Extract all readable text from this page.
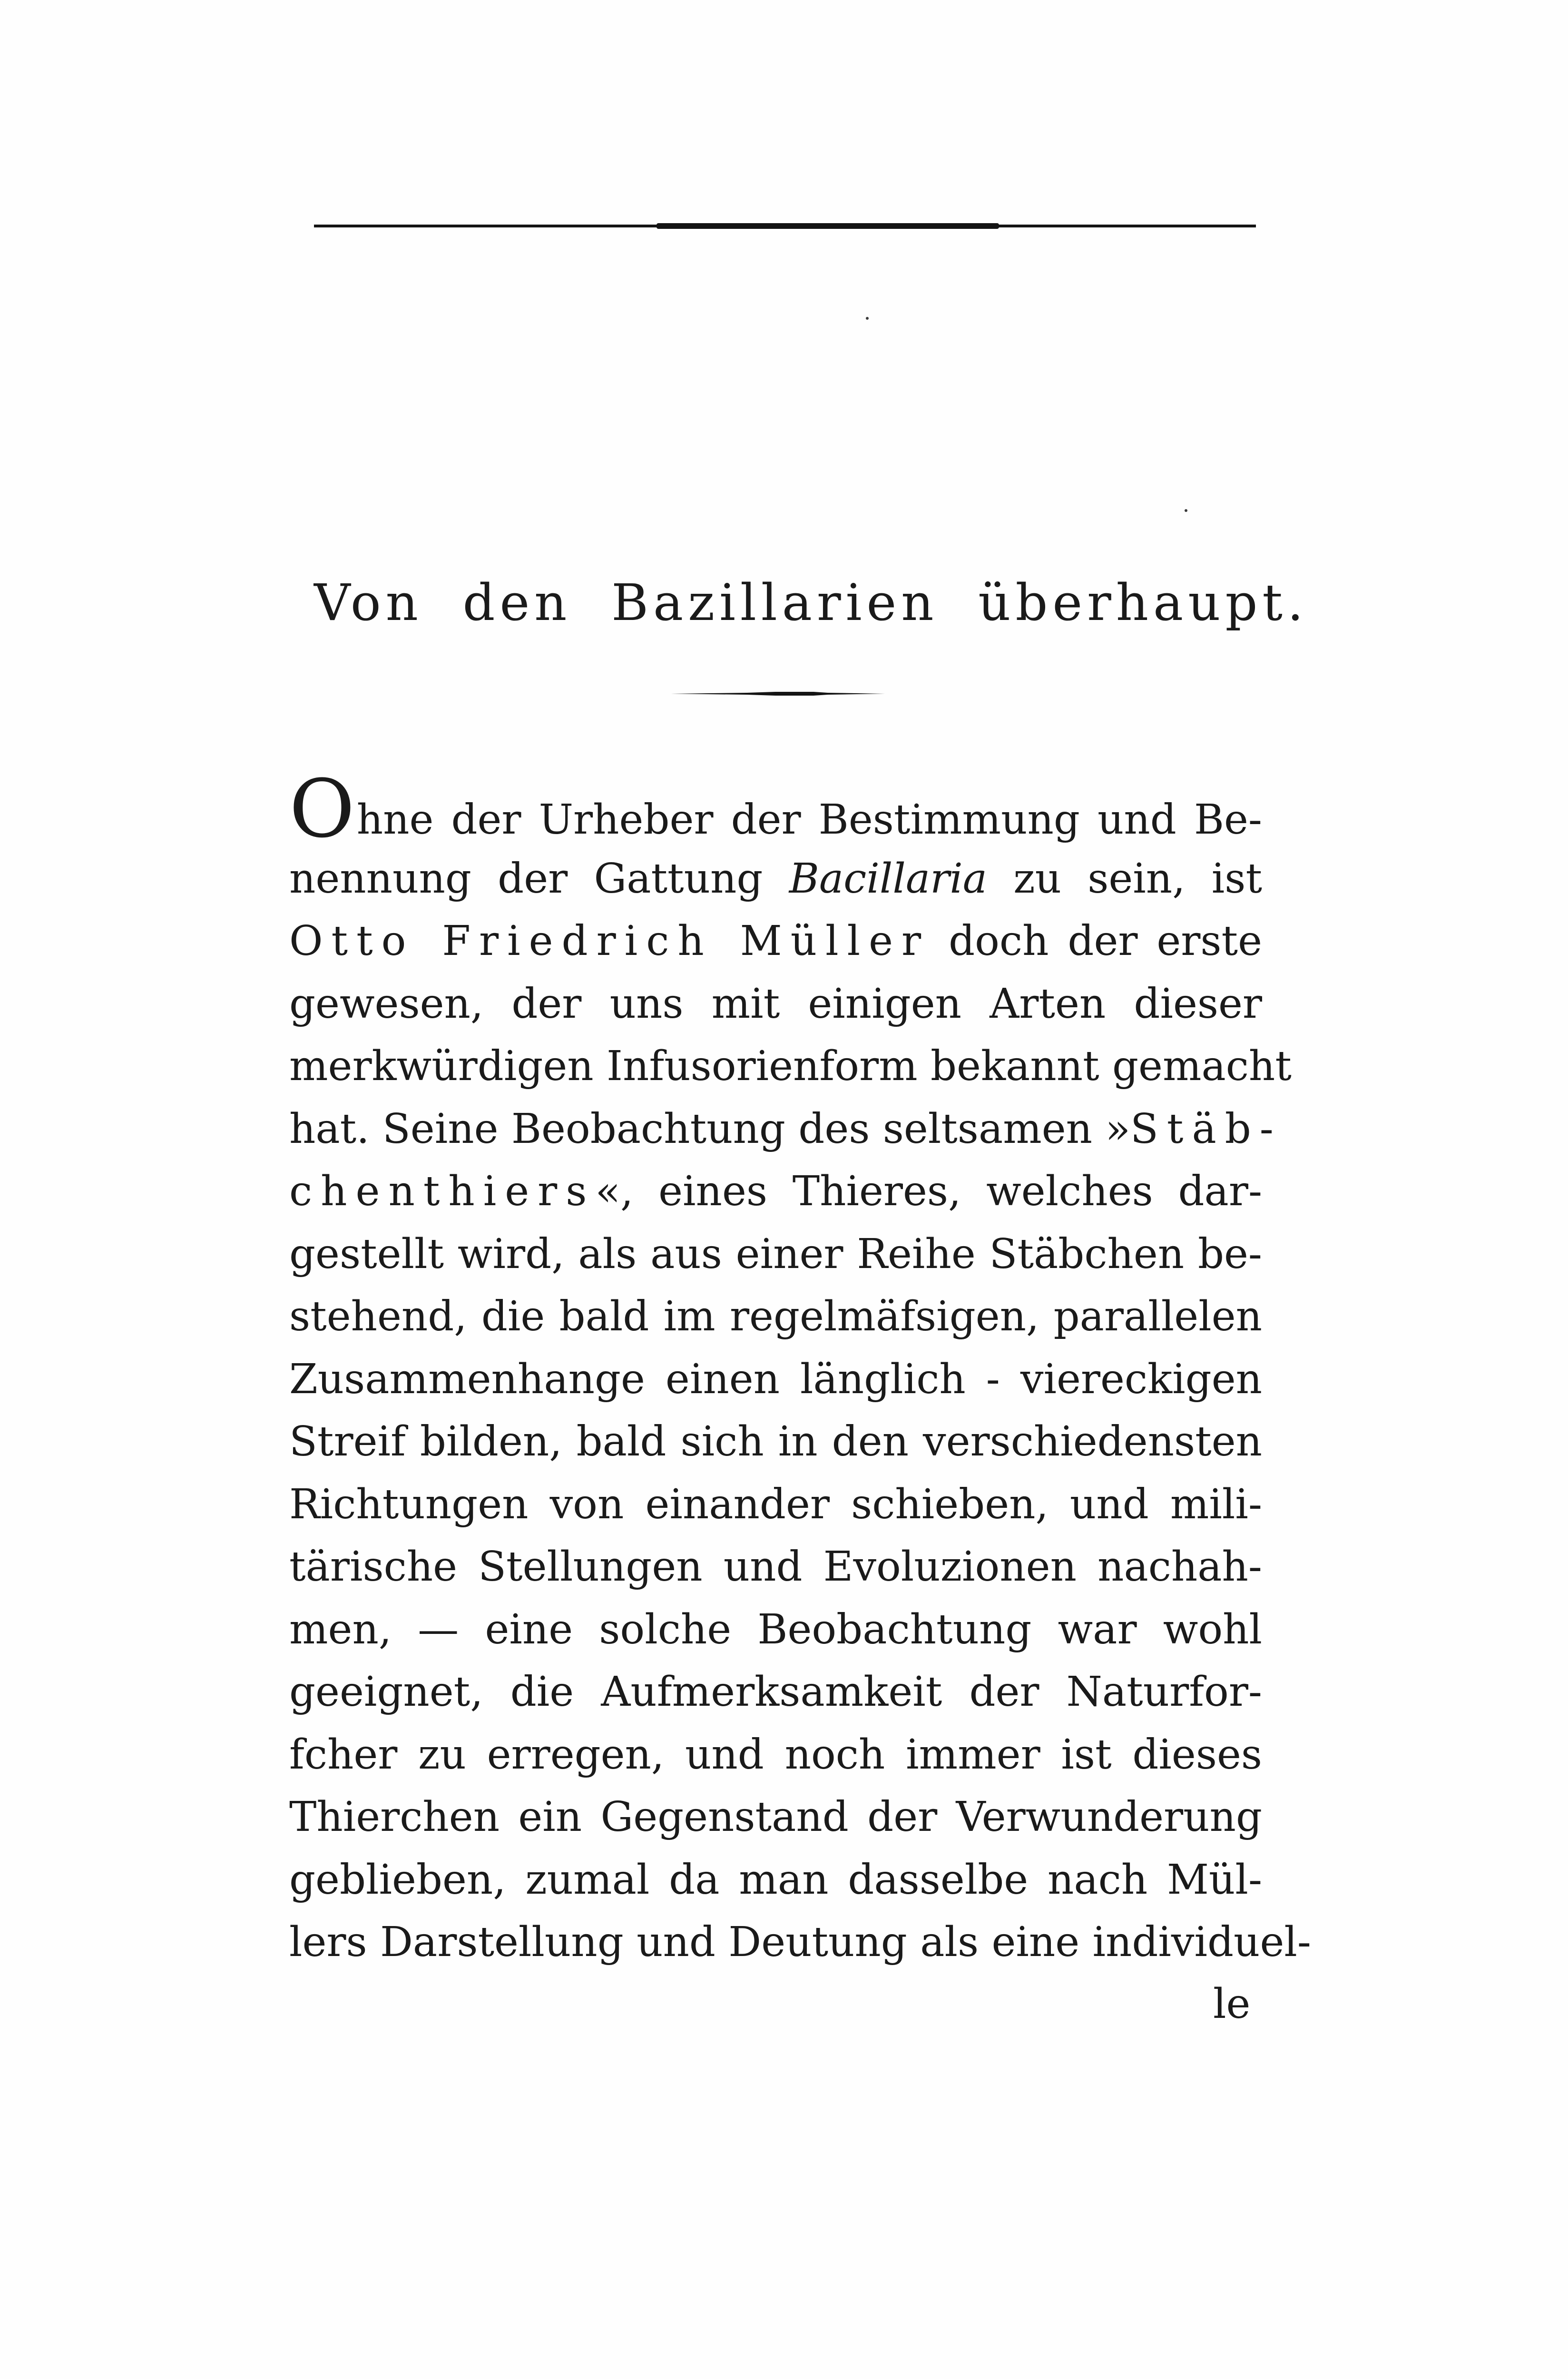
Von den Bazillarien überhaupt.
Ohne der Urheber der Bestimmung und Be-
nennung der Gattung Bacillaria zu sein, ist
Otto Friedrich Müller doch der erste
gewesen, der uns mit einigen Arten dieser
merkwürdigen Infusorienform bekannt gemacht
hat. Seine Beobachtung des seltsamen »Stäb-
chenthiers«, eines Thieres, welches dar-
gestellt wird, als aus einer Reihe Stäbchen be-
stehend, die bald im regelmäfsigen, parallelen
Zusammenhange einen länglich - viereckigen
Streif bilden, bald sich in den verschiedensten
Richtungen von einander schieben, und mili-
tärische Stellungen und Evoluzionen nachah-
men, — eine solche Beobachtung war wohl
geeignet, die Aufmerksamkeit der Naturfor-
fcher zu erregen, und noch immer ist dieses
Thierchen ein Gegenstand der Verwunderung
geblieben, zumal da man dasselbe nach Mül-
lers Darstellung und Deutung als eine individuel-
le
